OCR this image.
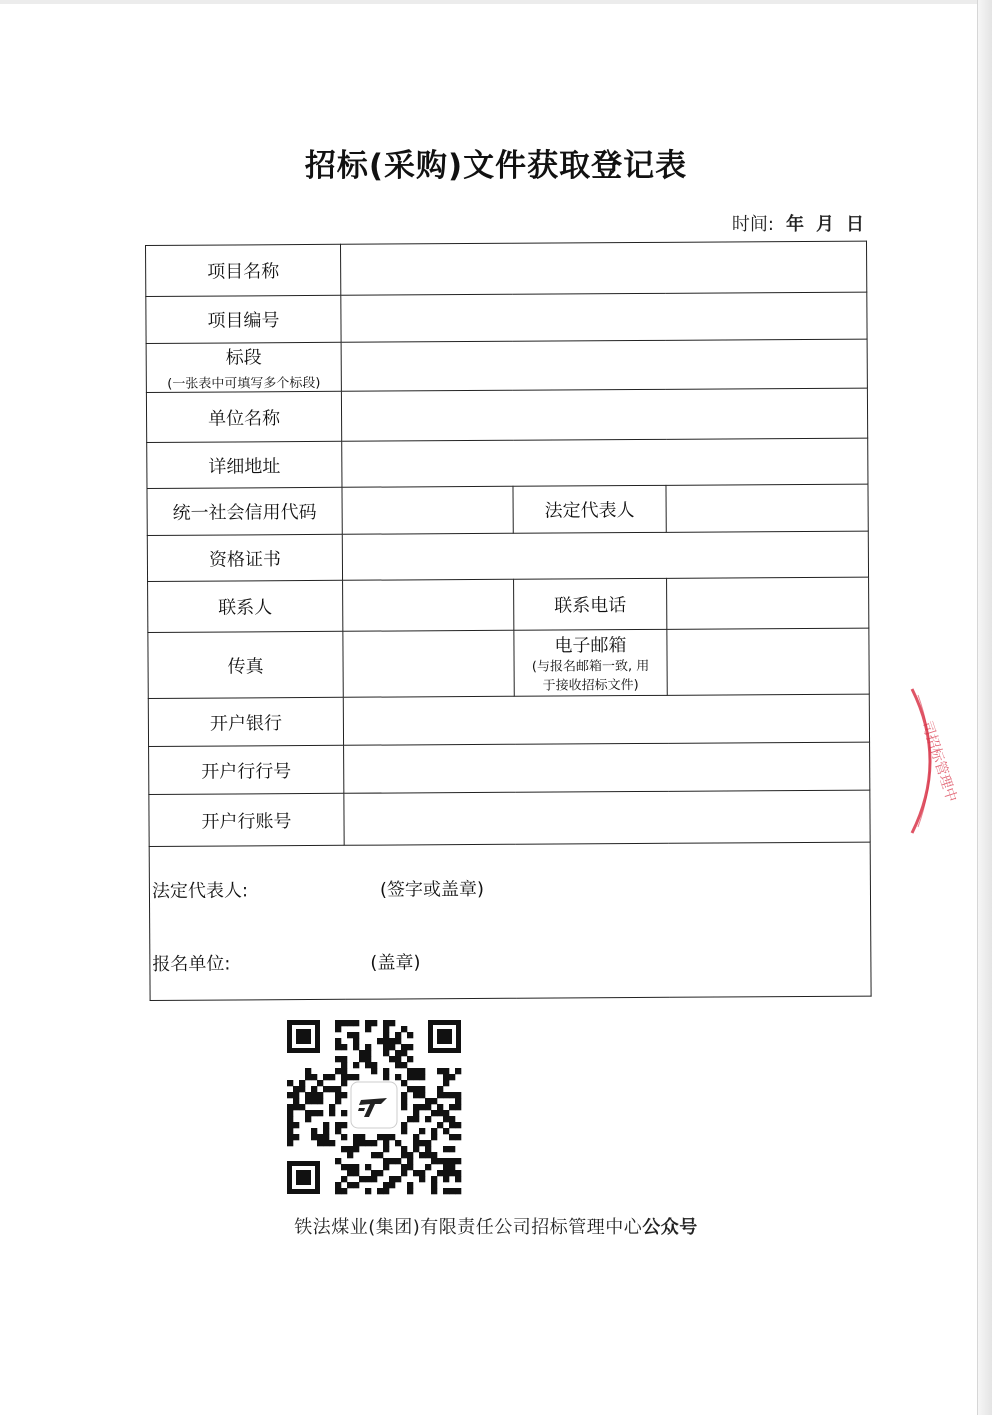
招标(采购)文件获取登记表
时间: 年 月 日
项目名称			
项目编号			

标段
(一张表中可填写多个标段)			

单位名称			
详细地址			
统一社会信用代码		法定代表人	
资格证书			
联系人		联系电话	
传真		电子邮箱
(与报名邮箱一致, 用
于接收招标文件)	

开户银行			
开户行行号			
开户行账号			

法定代表人: (签字或盖章)
报名单位: (盖章)			
铁法煤业(集团)有限责任公司招标管理中心公众号
司招标管理中
